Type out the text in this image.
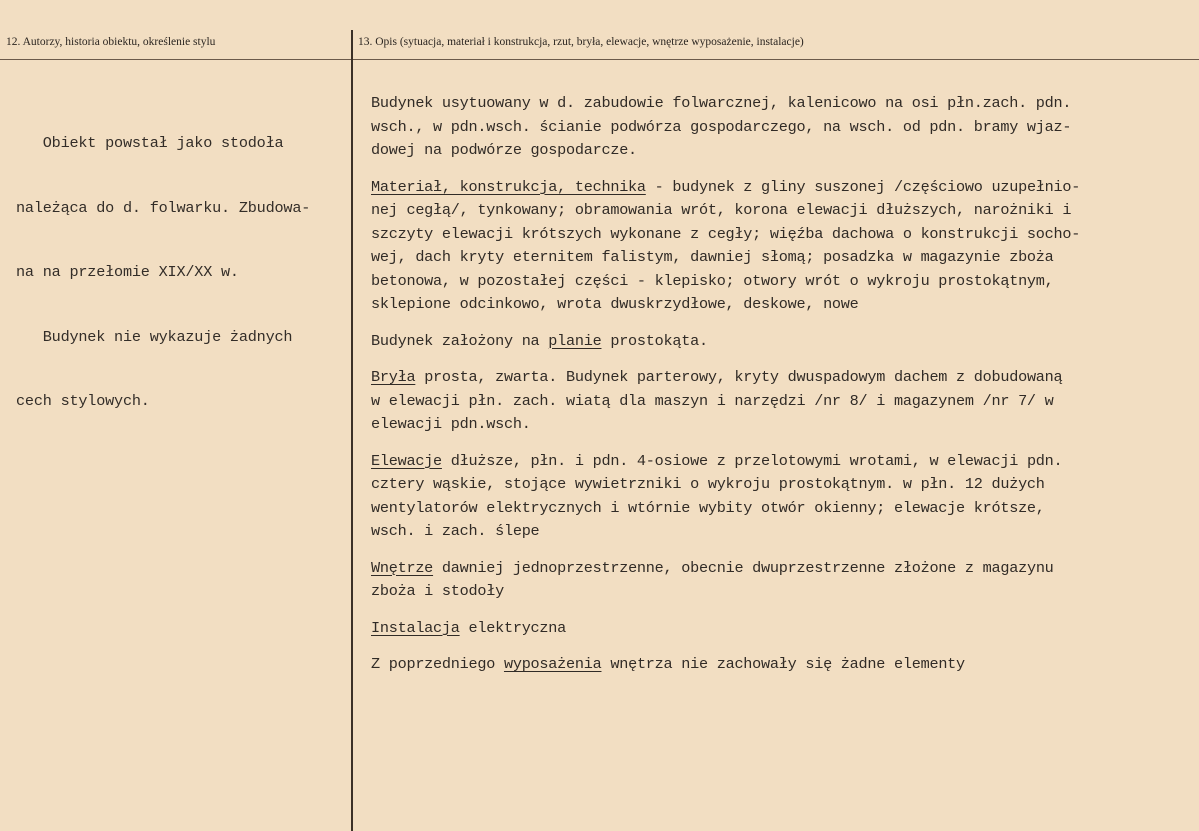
12. Autorzy, historia obiektu, określenie stylu	13. Opis (sytuacja, materiał i konstrukcja, rzut, bryła, elewacje, wnętrze wyposażenie, instalacje)

Obiekt powstał jako stodoła

należąca do d. folwarku. Zbudowa-

na na przełomie XIX/XX w.

Budynek nie wykazuje żadnych

cech stylowych.

Budynek usytuowany w d. zabudowie folwarcznej, kalenicowo na osi płn.zach. pdn.
wsch., w pdn.wsch. ścianie podwórza gospodarczego, na wsch. od pdn. bramy wjaz-
dowej na podwórze gospodarcze.
Materiał, konstrukcja, technika - budynek z gliny suszonej /częściowo uzupełnio-
nej cegłą/, tynkowany; obramowania wrót, korona elewacji dłuższych, narożniki i
szczyty elewacji krótszych wykonane z cegły; więźba dachowa o konstrukcji socho-
wej, dach kryty eternitem falistym, dawniej słomą; posadzka w magazynie zboża
betonowa, w pozostałej części - klepisko; otwory wrót o wykroju prostokątnym,
sklepione odcinkowo, wrota dwuskrzydłowe, deskowe, nowe
Budynek założony na planie prostokąta.
Bryła prosta, zwarta. Budynek parterowy, kryty dwuspadowym dachem z dobudowaną
w elewacji płn. zach. wiatą dla maszyn i narzędzi /nr 8/ i magazynem /nr 7/ w
elewacji pdn.wsch.
Elewacje dłuższe, płn. i pdn. 4-osiowe z przelotowymi wrotami, w elewacji pdn.
cztery wąskie, stojące wywietrzniki o wykroju prostokątnym. w płn. 12 dużych
wentylatorów elektrycznych i wtórnie wybity otwór okienny; elewacje krótsze,
wsch. i zach. ślepe
Wnętrze dawniej jednoprzestrzenne, obecnie dwuprzestrzenne złożone z magazynu
zboża i stodoły
Instalacja elektryczna
Z poprzedniego wyposażenia wnętrza nie zachowały się żadne elementy
